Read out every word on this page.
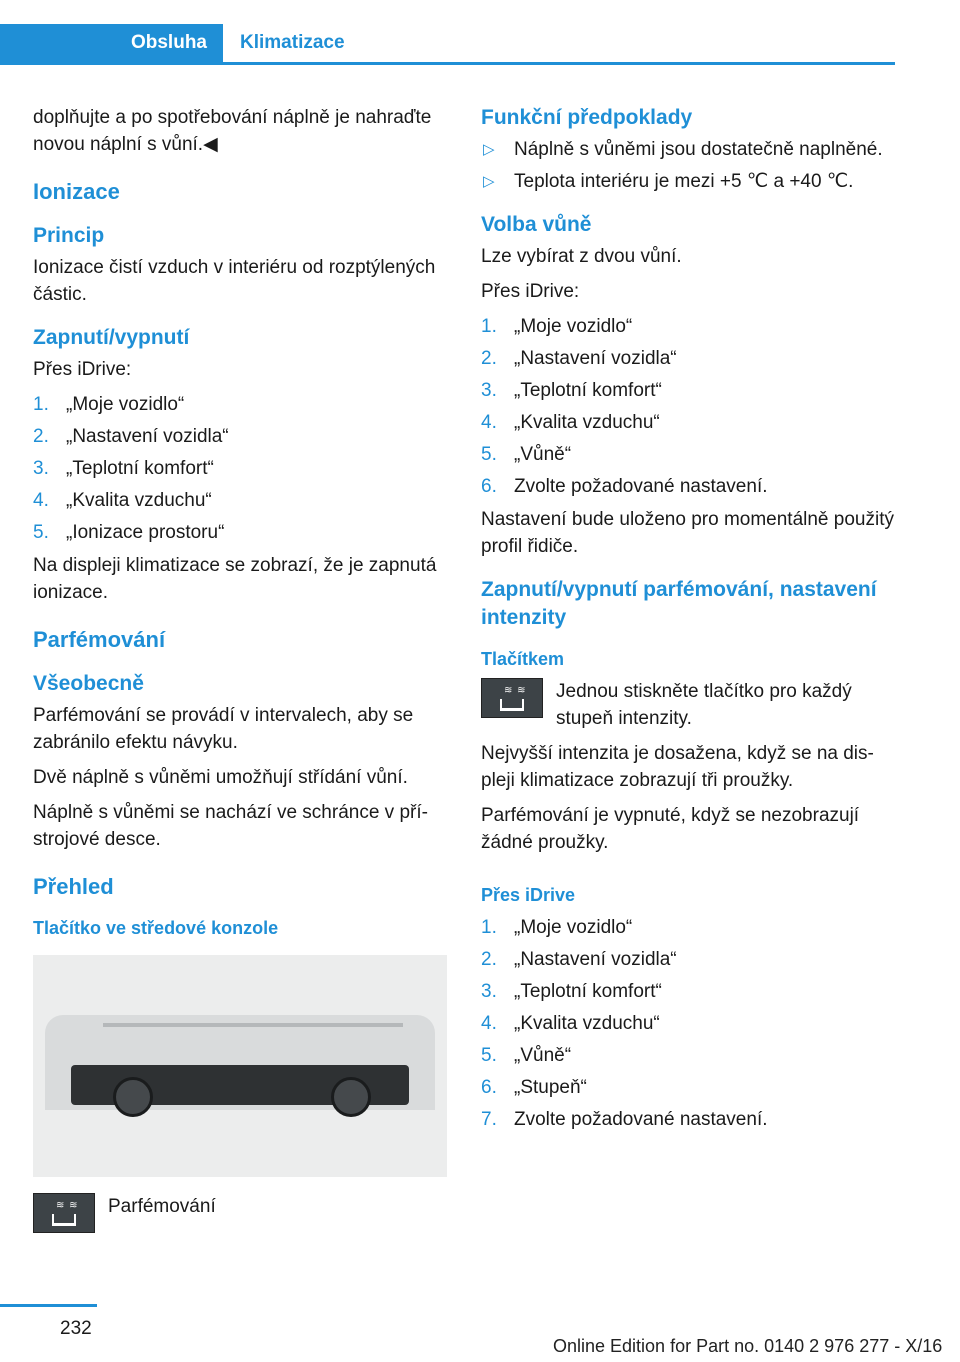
Obsluha Klimatizace

doplňujte a po spotřebování náplně je nahraďte novou náplní s vůní.◀

Ionizace
Princip

Ionizace čistí vzduch v interiéru od rozptýlených částic.

Zapnutí/vypnutí

Přes iDrive:

1. „Moje vozidlo“
2. „Nastavení vozidla“
3. „Teplotní komfort“
4. „Kvalita vzduchu“
5. „Ionizace prostoru“

Na displeji klimatizace se zobrazí, že je zapnutá ionizace.

Parfémování
Všeobecně

Parfémování se provádí v intervalech, aby se zabránilo efektu návyku.

Dvě náplně s vůněmi umožňují střídání vůní.

Náplně s vůněmi se nachází ve schránce v přístrojové desce.

Přehled
Tlačítko ve středové konzole
≋ ≋ Parfémování
Funkční předpoklady
▷ Náplně s vůněmi jsou dostatečně naplněné.
▷ Teplota interiéru je mezi +5 ℃ a +40 ℃.
Volba vůně

Lze vybírat z dvou vůní.

Přes iDrive:

1. „Moje vozidlo“
2. „Nastavení vozidla“
3. „Teplotní komfort“
4. „Kvalita vzduchu“
5. „Vůně“
6. Zvolte požadované nastavení.

Nastavení bude uloženo pro momentálně použitý profil řidiče.

Zapnutí/vypnutí parfémování, nastavení intenzity
Tlačítkem
≋ ≋ Jednou stiskněte tlačítko pro každý stupeň intenzity.

Nejvyšší intenzita je dosažena, když se na displeji klimatizace zobrazují tři proužky.

Parfémování je vypnuté, když se nezobrazují žádné proužky.

Přes iDrive
1. „Moje vozidlo“
2. „Nastavení vozidla“
3. „Teplotní komfort“
4. „Kvalita vzduchu“
5. „Vůně“
6. „Stupeň“
7. Zvolte požadované nastavení.
232
Online Edition for Part no. 0140 2 976 277 - X/16
